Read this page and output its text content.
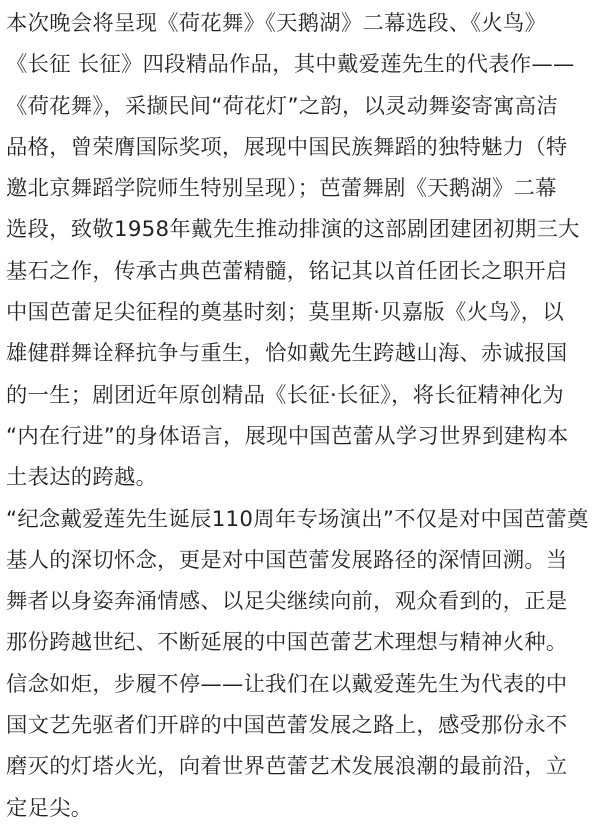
本次晚会将呈现《荷花舞》《天鹅湖》二幕选段、《火鸟》
《长征 长征》四段精品作品，其中戴爱莲先生的代表作——
《荷花舞》，采撷民间“荷花灯”之韵，以灵动舞姿寄寓高洁
品格，曾荣膺国际奖项，展现中国民族舞蹈的独特魅力（特
邀北京舞蹈学院师生特别呈现）；芭蕾舞剧《天鹅湖》二幕
选段，致敬1958年戴先生推动排演的这部剧团建团初期三大
基石之作，传承古典芭蕾精髓，铭记其以首任团长之职开启
中国芭蕾足尖征程的奠基时刻；莫里斯·贝嘉版《火鸟》，以
雄健群舞诠释抗争与重生，恰如戴先生跨越山海、赤诚报国
的一生；剧团近年原创精品《长征·长征》，将长征精神化为
“内在行进”的身体语言，展现中国芭蕾从学习世界到建构本
土表达的跨越。
“纪念戴爱莲先生诞辰110周年专场演出”不仅是对中国芭蕾奠
基人的深切怀念，更是对中国芭蕾发展路径的深情回溯。当
舞者以身姿奔涌情感、以足尖继续向前，观众看到的，正是
那份跨越世纪、不断延展的中国芭蕾艺术理想与精神火种。
信念如炬，步履不停——让我们在以戴爱莲先生为代表的中
国文艺先驱者们开辟的中国芭蕾发展之路上，感受那份永不
磨灭的灯塔火光，向着世界芭蕾艺术发展浪潮的最前沿，立
定足尖。
